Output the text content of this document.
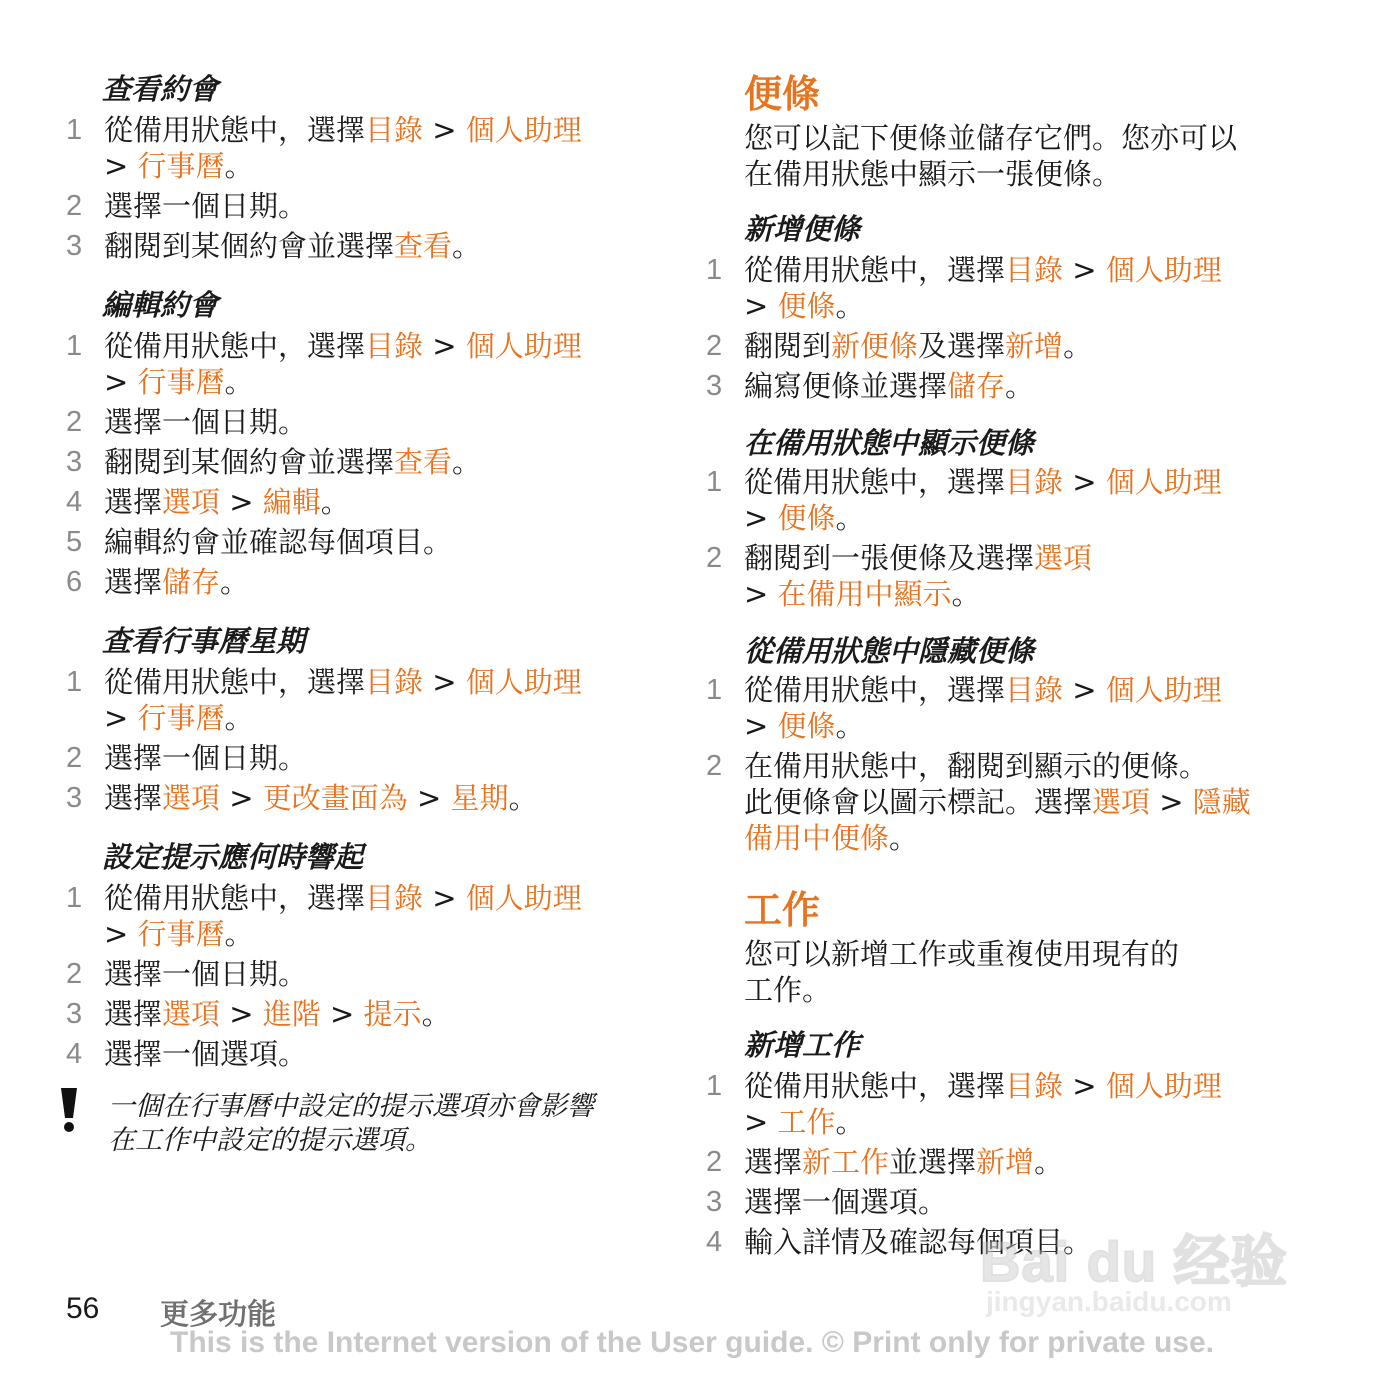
查看約會
1 從備用狀態中，選擇目錄 > 個人助理
> 行事曆。
2 選擇一個日期。
3 翻閱到某個約會並選擇查看。
編輯約會
1 從備用狀態中，選擇目錄 > 個人助理
> 行事曆。
2 選擇一個日期。
3 翻閱到某個約會並選擇查看。
4 選擇選項 > 編輯。
5 編輯約會並確認每個項目。
6 選擇儲存。
查看行事曆星期
1 從備用狀態中，選擇目錄 > 個人助理
> 行事曆。
2 選擇一個日期。
3 選擇選項 > 更改畫面為 > 星期。
設定提示應何時響起
1 從備用狀態中，選擇目錄 > 個人助理
> 行事曆。
2 選擇一個日期。
3 選擇選項 > 進階 > 提示。
4 選擇一個選項。
一個在行事曆中設定的提示選項亦會影響
在工作中設定的提示選項。
便條
您可以記下便條並儲存它們。您亦可以
在備用狀態中顯示一張便條。
新增便條
1 從備用狀態中，選擇目錄 > 個人助理
> 便條。
2 翻閱到新便條及選擇新增。
3 編寫便條並選擇儲存。
在備用狀態中顯示便條
1 從備用狀態中，選擇目錄 > 個人助理
> 便條。
2 翻閱到一張便條及選擇選項
> 在備用中顯示。
從備用狀態中隱藏便條
1 從備用狀態中，選擇目錄 > 個人助理
> 便條。
2 在備用狀態中，翻閱到顯示的便條。
此便條會以圖示標記。選擇選項 > 隱藏
備用中便條。
工作
您可以新增工作或重複使用現有的
工作。
新增工作
1 從備用狀態中，選擇目錄 > 個人助理
> 工作。
2 選擇新工作並選擇新增。
3 選擇一個選項。
4 輸入詳情及確認每個項目。
Bai du 经验
jingyan.baidu.com
56 更多功能
This is the Internet version of the User guide. © Print only for private use.
